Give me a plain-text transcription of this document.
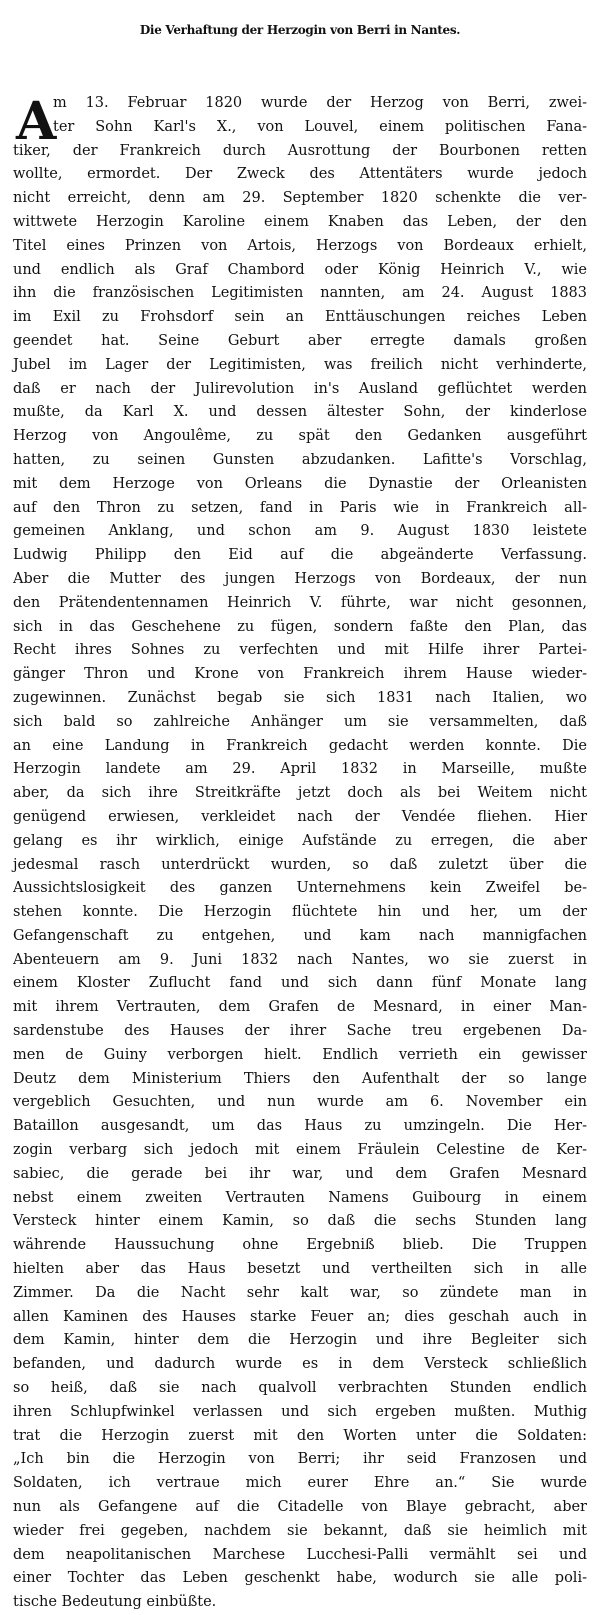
Die Verhaftung der Herzogin von Berri in Nantes.
A
m 13. Februar 1820 wurde der Herzog von Berri, zwei-
ter Sohn Karl's X., von Louvel, einem politischen Fana-
tiker, der Frankreich durch Ausrottung der Bourbonen retten
wollte, ermordet. Der Zweck des Attentäters wurde jedoch
nicht erreicht, denn am 29. September 1820 schenkte die ver-
wittwete Herzogin Karoline einem Knaben das Leben, der den
Titel eines Prinzen von Artois, Herzogs von Bordeaux erhielt,
und endlich als Graf Chambord oder König Heinrich V., wie
ihn die französischen Legitimisten nannten, am 24. August 1883
im Exil zu Frohsdorf sein an Enttäuschungen reiches Leben
geendet hat. Seine Geburt aber erregte damals großen
Jubel im Lager der Legitimisten, was freilich nicht verhinderte,
daß er nach der Julirevolution in's Ausland geflüchtet werden
mußte, da Karl X. und dessen ältester Sohn, der kinderlose
Herzog von Angoulême, zu spät den Gedanken ausgeführt
hatten, zu seinen Gunsten abzudanken. Lafitte's Vorschlag,
mit dem Herzoge von Orleans die Dynastie der Orleanisten
auf den Thron zu setzen, fand in Paris wie in Frankreich all-
gemeinen Anklang, und schon am 9. August 1830 leistete
Ludwig Philipp den Eid auf die abgeänderte Verfassung.
Aber die Mutter des jungen Herzogs von Bordeaux, der nun
den Prätendentennamen Heinrich V. führte, war nicht gesonnen,
sich in das Geschehene zu fügen, sondern faßte den Plan, das
Recht ihres Sohnes zu verfechten und mit Hilfe ihrer Partei-
gänger Thron und Krone von Frankreich ihrem Hause wieder-
zugewinnen. Zunächst begab sie sich 1831 nach Italien, wo
sich bald so zahlreiche Anhänger um sie versammelten, daß
an eine Landung in Frankreich gedacht werden konnte. Die
Herzogin landete am 29. April 1832 in Marseille, mußte
aber, da sich ihre Streitkräfte jetzt doch als bei Weitem nicht
genügend erwiesen, verkleidet nach der Vendée fliehen. Hier
gelang es ihr wirklich, einige Aufstände zu erregen, die aber
jedesmal rasch unterdrückt wurden, so daß zuletzt über die
Aussichtslosigkeit des ganzen Unternehmens kein Zweifel be-
stehen konnte. Die Herzogin flüchtete hin und her, um der
Gefangenschaft zu entgehen, und kam nach mannigfachen
Abenteuern am 9. Juni 1832 nach Nantes, wo sie zuerst in
einem Kloster Zuflucht fand und sich dann fünf Monate lang
mit ihrem Vertrauten, dem Grafen de Mesnard, in einer Man-
sardenstube des Hauses der ihrer Sache treu ergebenen Da-
men de Guiny verborgen hielt. Endlich verrieth ein gewisser
Deutz dem Ministerium Thiers den Aufenthalt der so lange
vergeblich Gesuchten, und nun wurde am 6. November ein
Bataillon ausgesandt, um das Haus zu umzingeln. Die Her-
zogin verbarg sich jedoch mit einem Fräulein Celestine de Ker-
sabiec, die gerade bei ihr war, und dem Grafen Mesnard
nebst einem zweiten Vertrauten Namens Guibourg in einem
Versteck hinter einem Kamin, so daß die sechs Stunden lang
währende Haussuchung ohne Ergebniß blieb. Die Truppen
hielten aber das Haus besetzt und vertheilten sich in alle
Zimmer. Da die Nacht sehr kalt war, so zündete man in
allen Kaminen des Hauses starke Feuer an; dies geschah auch in
dem Kamin, hinter dem die Herzogin und ihre Begleiter sich
befanden, und dadurch wurde es in dem Versteck schließlich
so heiß, daß sie nach qualvoll verbrachten Stunden endlich
ihren Schlupfwinkel verlassen und sich ergeben mußten. Muthig
trat die Herzogin zuerst mit den Worten unter die Soldaten:
„Ich bin die Herzogin von Berri; ihr seid Franzosen und
Soldaten, ich vertraue mich eurer Ehre an.“ Sie wurde
nun als Gefangene auf die Citadelle von Blaye gebracht, aber
wieder frei gegeben, nachdem sie bekannt, daß sie heimlich mit
dem neapolitanischen Marchese Lucchesi-Palli vermählt sei und
einer Tochter das Leben geschenkt habe, wodurch sie alle poli-
tische Bedeutung einbüßte.
